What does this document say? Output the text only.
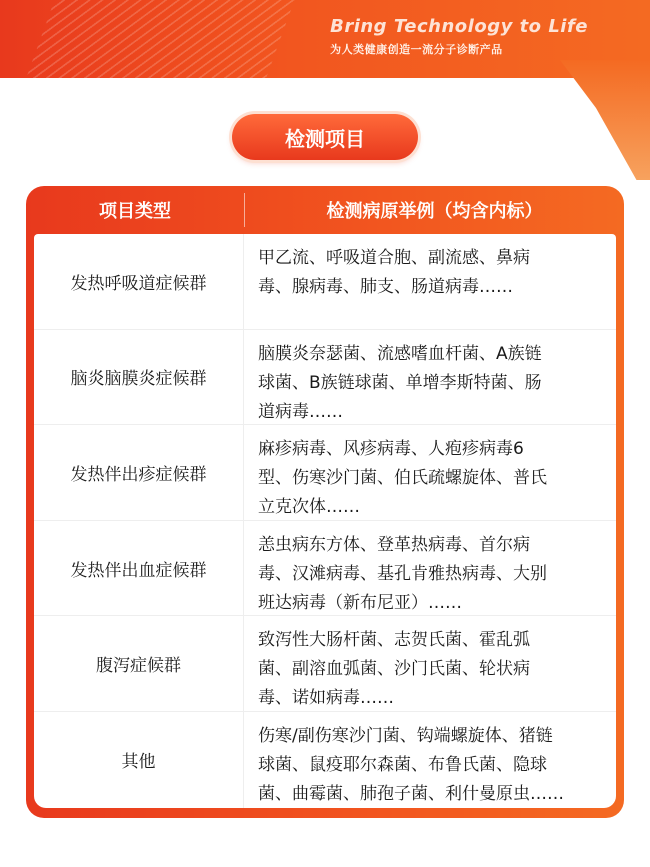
Bring Technology to Life
为人类健康创造一流分子诊断产品
检测项目
项目类型	检测病原举例（均含内标）
发热呼吸道症候群
甲乙流、呼吸道合胞、副流感、鼻病
毒、腺病毒、肺支、肠道病毒……
脑炎脑膜炎症候群
脑膜炎奈瑟菌、流感嗜血杆菌、A族链
球菌、B族链球菌、单增李斯特菌、肠
道病毒……
发热伴出疹症候群
麻疹病毒、风疹病毒、人疱疹病毒6
型、伤寒沙门菌、伯氏疏螺旋体、普氏
立克次体……
发热伴出血症候群
恙虫病东方体、登革热病毒、首尔病
毒、汉滩病毒、基孔肯雅热病毒、大别
班达病毒（新布尼亚）……
腹泻症候群
致泻性大肠杆菌、志贺氏菌、霍乱弧
菌、副溶血弧菌、沙门氏菌、轮状病
毒、诺如病毒……
其他
伤寒/副伤寒沙门菌、钩端螺旋体、猪链
球菌、鼠疫耶尔森菌、布鲁氏菌、隐球
菌、曲霉菌、肺孢子菌、利什曼原虫……
